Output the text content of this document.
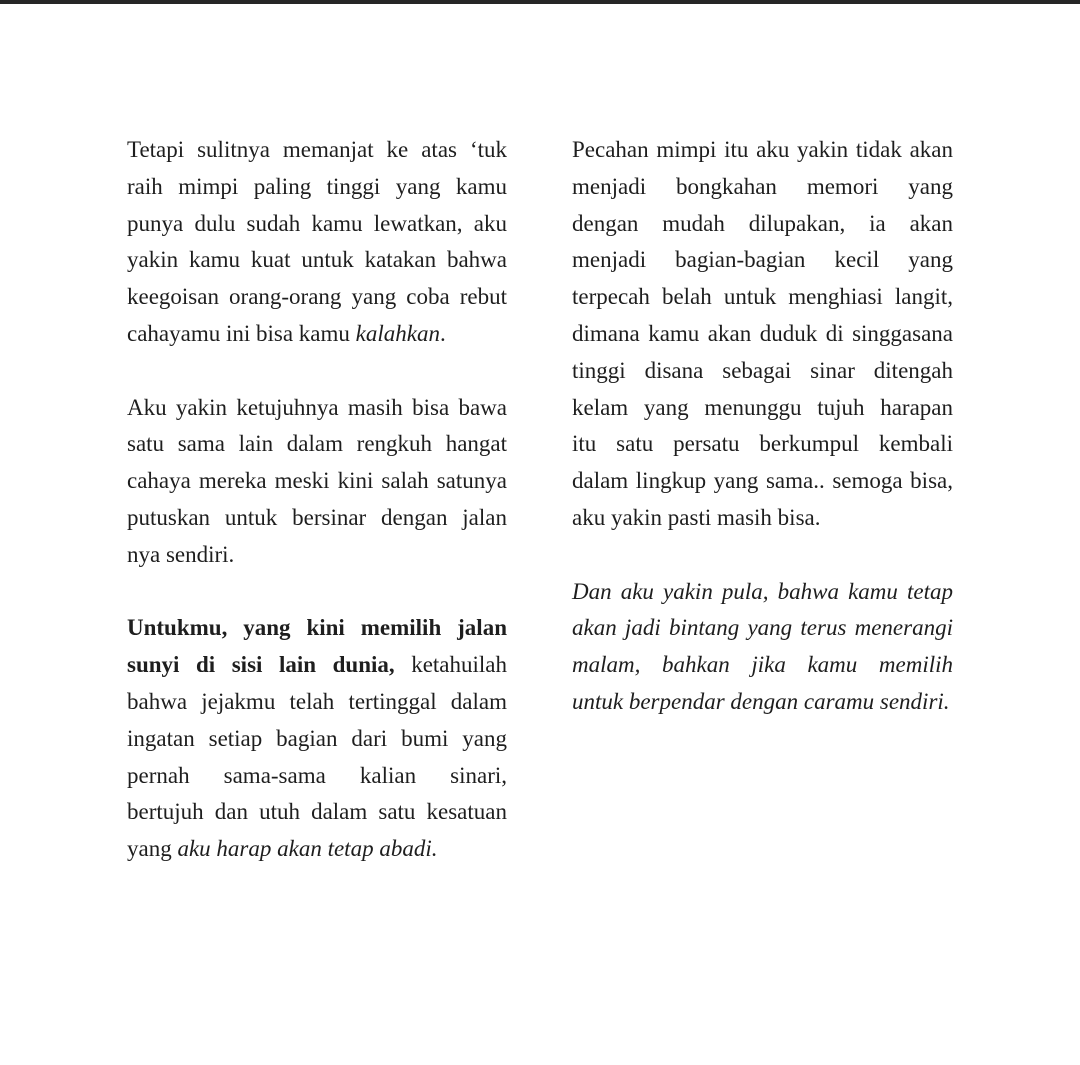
Tetapi sulitnya memanjat ke atas ‘tuk
raih mimpi paling tinggi yang kamu
punya dulu sudah kamu lewatkan, aku
yakin kamu kuat untuk katakan bahwa
keegoisan orang-orang yang coba rebut
cahayamu ini bisa kamu kalahkan.
Aku yakin ketujuhnya masih bisa bawa
satu sama lain dalam rengkuh hangat
cahaya mereka meski kini salah satunya
putuskan untuk bersinar dengan jalan
nya sendiri.
Untukmu, yang kini memilih jalan
sunyi di sisi lain dunia, ketahuilah
bahwa jejakmu telah tertinggal dalam
ingatan setiap bagian dari bumi yang
pernah sama-sama kalian sinari,
bertujuh dan utuh dalam satu kesatuan
yang aku harap akan tetap abadi.
Pecahan mimpi itu aku yakin tidak akan
menjadi bongkahan memori yang
dengan mudah dilupakan, ia akan
menjadi bagian-bagian kecil yang
terpecah belah untuk menghiasi langit,
dimana kamu akan duduk di singgasana
tinggi disana sebagai sinar ditengah
kelam yang menunggu tujuh harapan
itu satu persatu berkumpul kembali
dalam lingkup yang sama.. semoga bisa,
aku yakin pasti masih bisa.
Dan aku yakin pula, bahwa kamu tetap
akan jadi bintang yang terus menerangi
malam, bahkan jika kamu memilih
untuk berpendar dengan caramu sendiri.
